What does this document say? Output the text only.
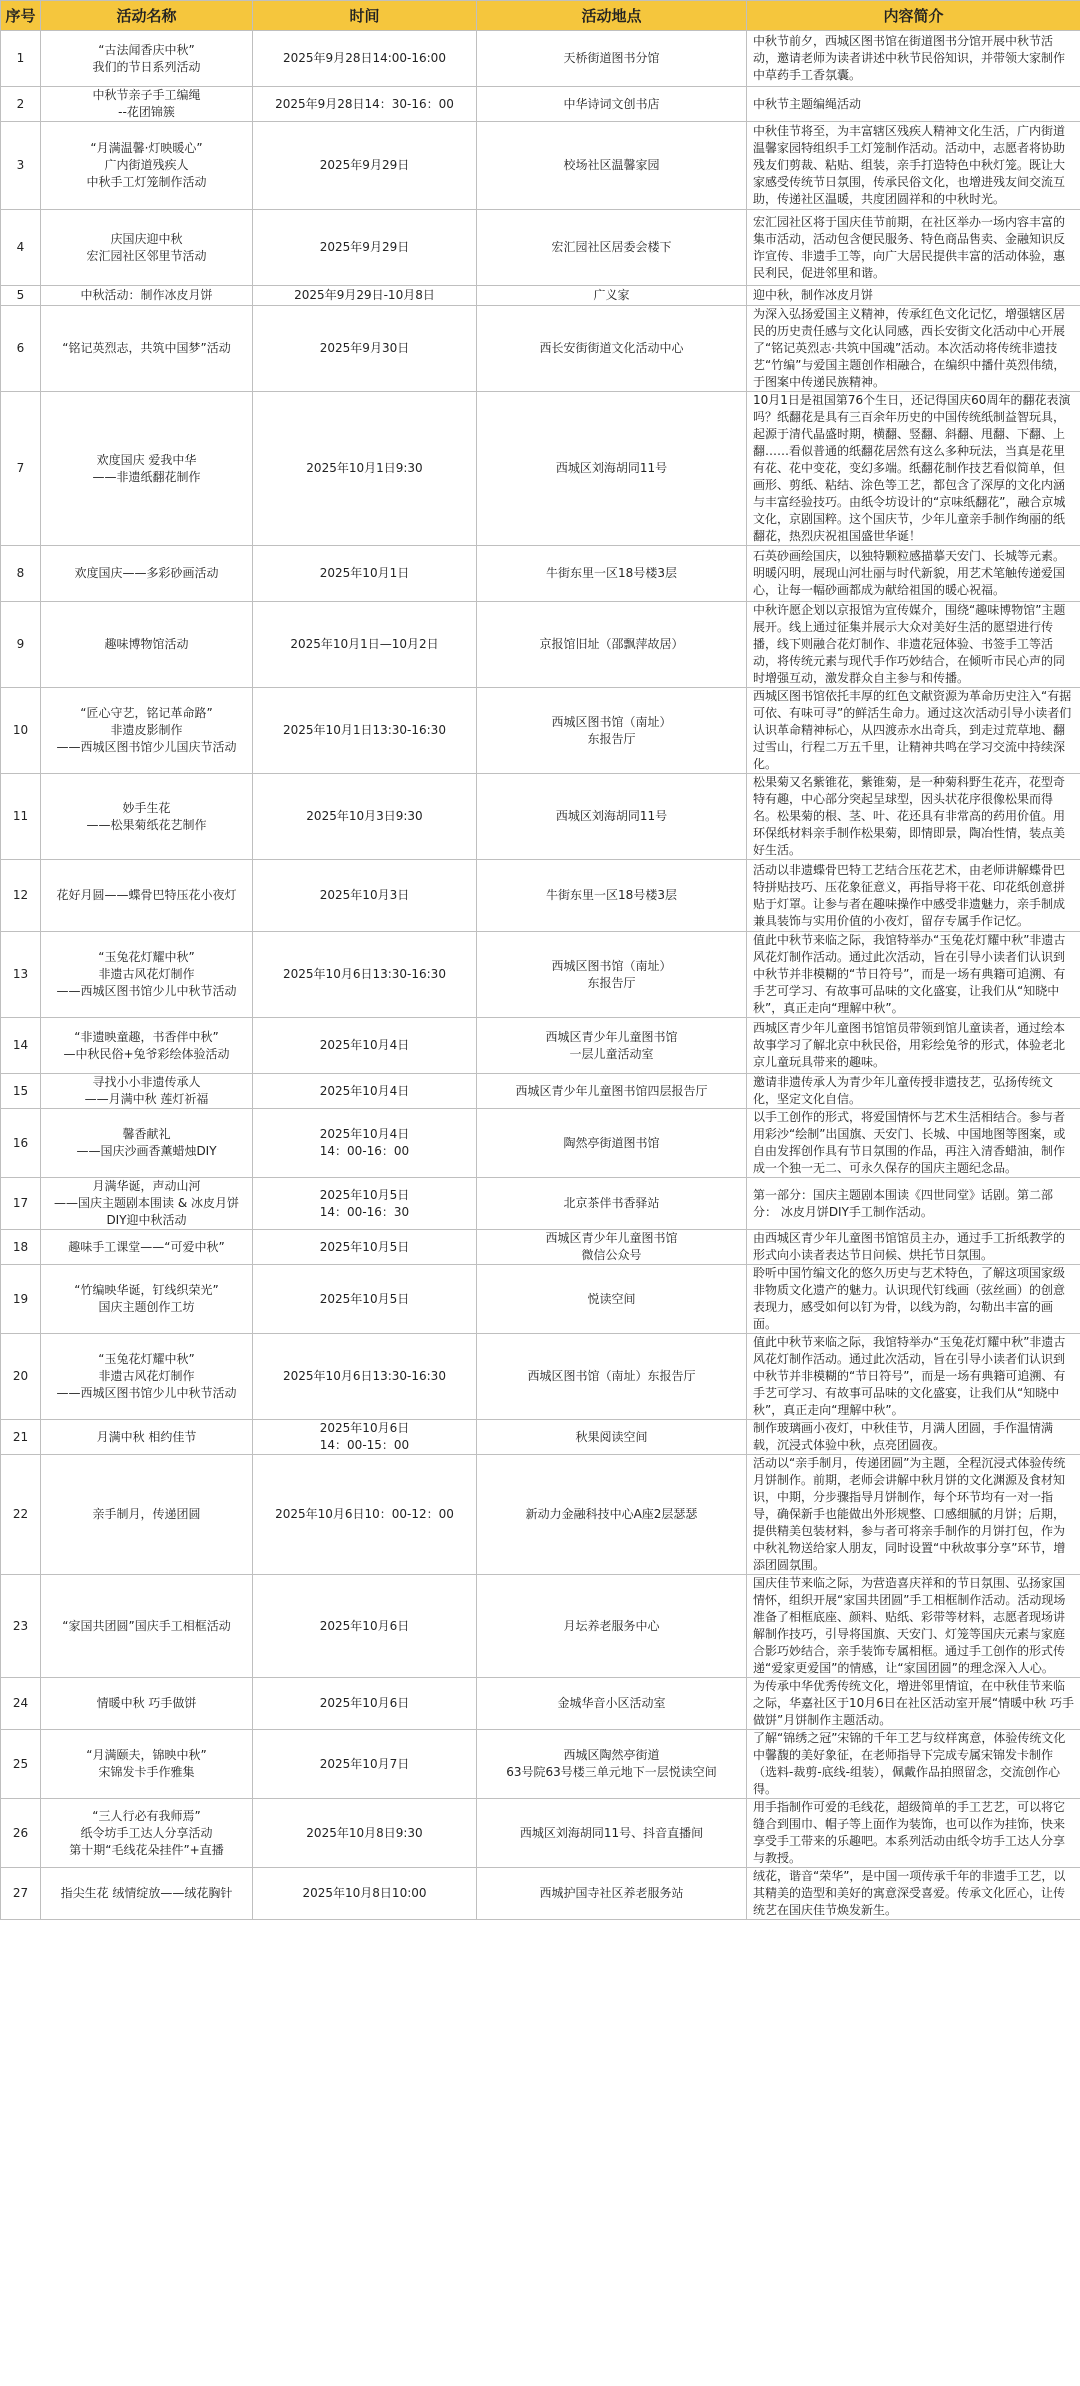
序号	活动名称	时间	活动地点	内容简介
1	“古法闻香庆中秋”
我们的节日系列活动	2025年9月28日14:00-16:00	天桥街道图书分馆	中秋节前夕，西城区图书馆在街道图书分馆开展中秋节活动，邀请老师为读者讲述中秋节民俗知识，并带领大家制作中草药手工香氛囊。
2	中秋节亲子手工编绳
--花团锦簇	2025年9月28日14：30-16：00	中华诗词文创书店	中秋节主题编绳活动
3	“月满温馨·灯映暖心”
广内街道残疾人
中秋手工灯笼制作活动	2025年9月29日	校场社区温馨家园	中秋佳节将至，为丰富辖区残疾人精神文化生活，广内街道温馨家园特组织手工灯笼制作活动。活动中，志愿者将协助残友们剪裁、粘贴、组装，亲手打造特色中秋灯笼。既让大家感受传统节日氛围，传承民俗文化，也增进残友间交流互助，传递社区温暖，共度团圆祥和的中秋时光。
4	庆国庆迎中秋
宏汇园社区邻里节活动	2025年9月29日	宏汇园社区居委会楼下	宏汇园社区将于国庆佳节前期，在社区举办一场内容丰富的集市活动，活动包含便民服务、特色商品售卖、金融知识反诈宣传、非遗手工等，向广大居民提供丰富的活动体验，惠民利民，促进邻里和谐。
5	中秋活动：制作冰皮月饼	2025年9月29日-10月8日	广义家	迎中秋，制作冰皮月饼
6	“铭记英烈志，共筑中国梦”活动	2025年9月30日	西长安街街道文化活动中心	为深入弘扬爱国主义精神，传承红色文化记忆，增强辖区居民的历史责任感与文化认同感，西长安街文化活动中心开展了“铭记英烈志·共筑中国魂”活动。本次活动将传统非遗技艺“竹编”与爱国主题创作相融合，在编织中播什英烈伟绩，于图案中传递民族精神。
7	欢度国庆 爱我中华
——非遗纸翻花制作	2025年10月1日9:30	西城区刘海胡同11号	10月1日是祖国第76个生日，还记得国庆60周年的翻花表演吗？纸翻花是具有三百余年历史的中国传统纸制益智玩具，起源于清代晶盛时期，横翻、竖翻、斜翻、甩翻、下翻、上翻……看似普通的纸翻花居然有这么多种玩法，当真是花里有花、花中变花，变幻多端。纸翻花制作技艺看似简单，但画形、剪纸、粘结、涂色等工艺，都包含了深厚的文化内涵与丰富经验技巧。由纸令坊设计的“京味纸翻花”，融合京城文化，京剧国粹。这个国庆节，少年儿童亲手制作绚丽的纸翻花，热烈庆祝祖国盛世华诞！
8	欢度国庆——多彩砂画活动	2025年10月1日	牛街东里一区18号楼3层	石英砂画绘国庆，以独特颗粒感描摹天安门、长城等元素。明暖闪明，展现山河壮丽与时代新貌，用艺术笔触传递爱国心，让每一幅砂画都成为献给祖国的暖心祝福。
9	趣味博物馆活动	2025年10月1日—10月2日	京报馆旧址（邵飘萍故居）	中秋许愿企划以京报馆为宣传媒介，围绕“趣味博物馆”主题展开。线上通过征集并展示大众对美好生活的愿望进行传播，线下则融合花灯制作、非遗花冠体验、书签手工等活动，将传统元素与现代手作巧妙结合，在倾听市民心声的同时增强互动，激发群众自主参与和传播。
10	“匠心守艺，铭记革命路”
非遗皮影制作
——西城区图书馆少儿国庆节活动	2025年10月1日13:30-16:30	西城区图书馆（南址）
东报告厅	西城区图书馆依托丰厚的红色文献资源为革命历史注入“有据可依、有味可寻”的鲜活生命力。通过这次活动引导小读者们认识革命精神标心，从四渡赤水出奇兵，到走过荒草地、翻过雪山，行程二万五千里，让精神共鸣在学习交流中持续深化。
11	妙手生花
——松果菊纸花艺制作	2025年10月3日9:30	西城区刘海胡同11号	松果菊又名紫锥花，紫锥菊，是一种菊科野生花卉，花型奇特有趣，中心部分突起呈球型，因头状花序很像松果而得名。松果菊的根、茎、叶、花还具有非常高的药用价值。用环保纸材料亲手制作松果菊，即情即景，陶冶性情，装点美好生活。
12	花好月圆——蝶骨巴特压花小夜灯	2025年10月3日	牛街东里一区18号楼3层	活动以非遗蝶骨巴特工艺结合压花艺术，由老师讲解蝶骨巴特拼贴技巧、压花象征意义，再指导将干花、印花纸创意拼贴于灯罩。让参与者在趣味操作中感受非遗魅力，亲手制成兼具装饰与实用价值的小夜灯，留存专属手作记忆。
13	“玉兔花灯耀中秋”
非遗古风花灯制作
——西城区图书馆少儿中秋节活动	2025年10月6日13:30-16:30	西城区图书馆（南址）
东报告厅	值此中秋节来临之际，我馆特举办“玉兔花灯耀中秋”非遗古风花灯制作活动。通过此次活动，旨在引导小读者们认识到中秋节并非模糊的“节日符号”，而是一场有典籍可追溯、有手艺可学习、有故事可品味的文化盛宴，让我们从“知晓中秋”，真正走向“理解中秋”。
14	“非遗映童趣，书香伴中秋”
—中秋民俗+兔爷彩绘体验活动	2025年10月4日	西城区青少年儿童图书馆
一层儿童活动室	西城区青少年儿童图书馆馆员带领到馆儿童读者，通过绘本故事学习了解北京中秋民俗，用彩绘兔爷的形式，体验老北京儿童玩具带来的趣味。
15	寻找小小非遗传承人
——月满中秋 莲灯祈福	2025年10月4日	西城区青少年儿童图书馆四层报告厅	邀请非遗传承人为青少年儿童传授非遗技艺，弘扬传统文化，坚定文化自信。
16	馨香献礼
——国庆沙画香薰蜡烛DIY	2025年10月4日
14：00-16：00	陶然亭街道图书馆	以手工创作的形式，将爱国情怀与艺术生活相结合。参与者用彩沙“绘制”出国旗、天安门、长城、中国地图等图案，或自由发挥创作具有节日氛围的作品，再注入清香蜡油，制作成一个独一无二、可永久保存的国庆主题纪念品。
17	月满华诞，声动山河
——国庆主题剧本围读 & 冰皮月饼DIY迎中秋活动	2025年10月5日
14：00-16：30	北京茶伴书香驿站	第一部分：国庆主题剧本围读《四世同堂》话剧。第二部分： 冰皮月饼DIY手工制作活动。
18	趣味手工课堂——“可爱中秋”	2025年10月5日	西城区青少年儿童图书馆
微信公众号	由西城区青少年儿童图书馆馆员主办，通过手工折纸教学的形式向小读者表达节日问候、烘托节日氛围。
19	“竹编映华诞，钉线织荣光”
国庆主题创作工坊	2025年10月5日	悦读空间	聆听中国竹编文化的悠久历史与艺术特色，了解这项国家级非物质文化遗产的魅力。认识现代钉线画（弦丝画）的创意表现力，感受如何以钉为骨，以线为韵，勾勒出丰富的画面。
20	“玉兔花灯耀中秋”
非遗古风花灯制作
——西城区图书馆少儿中秋节活动	2025年10月6日13:30-16:30	西城区图书馆（南址）东报告厅	值此中秋节来临之际，我馆特举办“玉兔花灯耀中秋”非遗古风花灯制作活动。通过此次活动，旨在引导小读者们认识到中秋节并非模糊的“节日符号”，而是一场有典籍可追溯、有手艺可学习、有故事可品味的文化盛宴，让我们从“知晓中秋”，真正走向“理解中秋”。
21	月满中秋 相约佳节	2025年10月6日
14：00-15：00	秋果阅读空间	制作玻璃画小夜灯，中秋佳节，月满人团圆，手作温情满载，沉浸式体验中秋，点亮团圆夜。
22	亲手制月，传递团圆	2025年10月6日10：00-12：00	新动力金融科技中心A座2层瑟瑟	活动以“亲手制月，传递团圆”为主题，全程沉浸式体验传统月饼制作。前期，老师会讲解中秋月饼的文化渊源及食材知识，中期，分步骤指导月饼制作，每个环节均有一对一指导，确保新手也能做出外形规整、口感细腻的月饼；后期，提供精美包装材料，参与者可将亲手制作的月饼打包，作为中秋礼物送给家人朋友，同时设置“中秋故事分享”环节，增添团圆氛围。
23	“家国共团圆”国庆手工相框活动	2025年10月6日	月坛养老服务中心	国庆佳节来临之际，为营造喜庆祥和的节日氛围、弘扬家国情怀，组织开展“家国共团圆”手工相框制作活动。活动现场准备了相框底座、颜料、贴纸、彩带等材料，志愿者现场讲解制作技巧，引导将国旗、天安门、灯笼等国庆元素与家庭合影巧妙结合，亲手装饰专属相框。通过手工创作的形式传递“爱家更爱国”的情感，让“家国团圆”的理念深入人心。
24	情暖中秋 巧手做饼	2025年10月6日	金城华音小区活动室	为传承中华优秀传统文化，增进邻里情谊，在中秋佳节来临之际，华嘉社区于10月6日在社区活动室开展“情暖中秋 巧手做饼”月饼制作主题活动。
25	“月满颐夫，锦映中秋”
宋锦发卡手作雅集	2025年10月7日	西城区陶然亭街道
63号院63号楼三单元地下一层悦读空间	了解“锦绣之冠”宋锦的千年工艺与纹样寓意，体验传统文化中馨馥的美好象征，在老师指导下完成专属宋锦发卡制作（选料-裁剪-底线-组装），佩戴作品拍照留念，交流创作心得。
26	“三人行必有我师焉”
纸令坊手工达人分享活动
第十期“毛线花朵挂件”+直播	2025年10月8日9:30	西城区刘海胡同11号、抖音直播间	用手指制作可爱的毛线花，超级简单的手工艺艺，可以将它缝合到围巾、帽子等上面作为装饰，也可以作为挂饰，快来享受手工带来的乐趣吧。本系列活动由纸令坊手工达人分享与教授。
27	指尖生花 绒情绽放——绒花胸针	2025年10月8日10:00	西城护国寺社区养老服务站	绒花，谐音“荣华”，是中国一项传承千年的非遗手工艺，以其精美的造型和美好的寓意深受喜爱。传承文化匠心，让传统艺在国庆佳节焕发新生。
